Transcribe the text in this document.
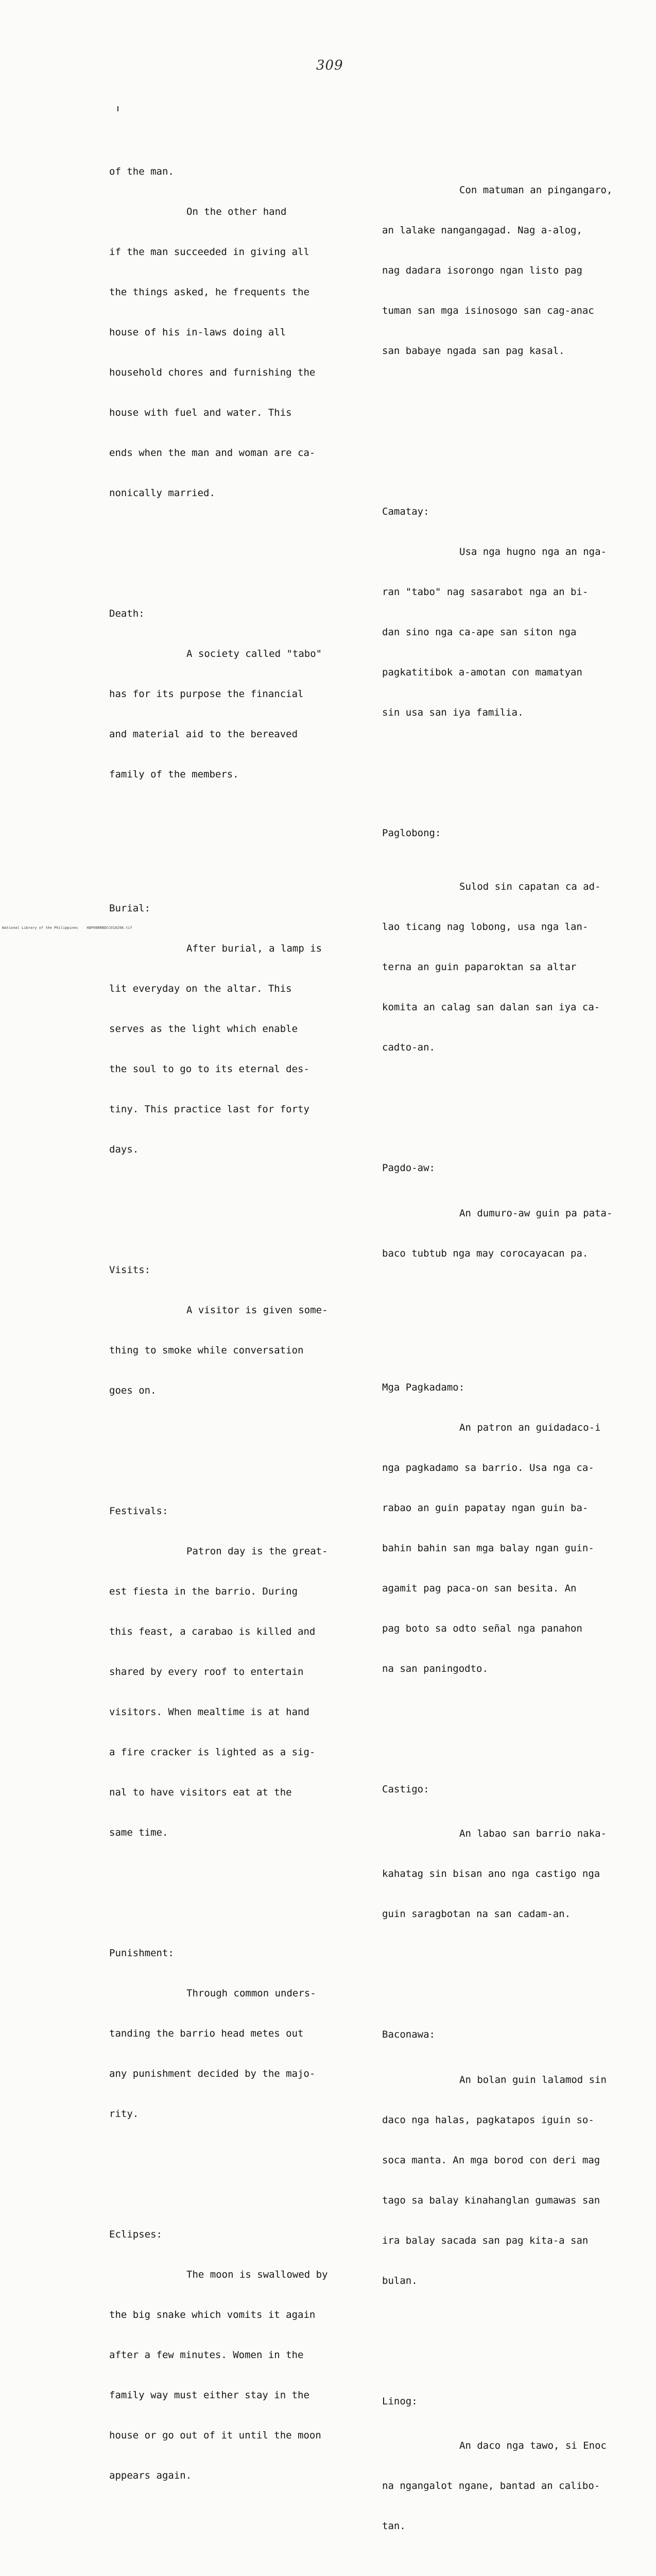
309

of the man.

On the other hand

if the man succeeded in giving all

the things asked, he frequents the

house of his in-laws doing all

household chores and furnishing the

house with fuel and water. This

ends when the man and woman are ca-

nonically married.

Death:

A society called "tabo"

has for its purpose the financial

and material aid to the bereaved

family of the members.

Burial:

After burial, a lamp is

lit everyday on the altar. This

serves as the light which enable

the soul to go to its eternal des-

tiny. This practice last for forty

days.

Visits:

A visitor is given some-

thing to smoke while conversation

goes on.

Festivals:

Patron day is the great-

est fiesta in the barrio. During

this feast, a carabao is killed and

shared by every roof to entertain

visitors. When mealtime is at hand

a fire cracker is lighted as a sig-

nal to have visitors eat at the

same time.

Punishment:

Through common unders-

tanding the barrio head metes out

any punishment decided by the majo-

rity.

Eclipses:

The moon is swallowed by

the big snake which vomits it again

after a few minutes. Women in the

family way must either stay in the

house or go out of it until the moon

appears again.

Con matuman an pingangaro,

an lalake nangangagad. Nag a-alog,

nag dadara isorongo ngan listo pag

tuman san mga isinosogo san cag-anac

san babaye ngada san pag kasal.

Camatay:

Usa nga hugno nga an nga-

ran "tabo" nag sasarabot nga an bi-

dan sino nga ca-ape san siton nga

pagkatitibok a-amotan con mamatyan

sin usa san iya familia.

Paglobong:

Sulod sin capatan ca ad-

lao ticang nag lobong, usa nga lan-

terna an guin paparoktan sa altar

komita an calag san dalan san iya ca-

cadto-an.

Pagdo-aw:

An dumuro-aw guin pa pata-

baco tubtub nga may corocayacan pa.

Mga Pagkadamo:

An patron an guidadaco-i

nga pagkadamo sa barrio. Usa nga ca-

rabao an guin papatay ngan guin ba-

bahin bahin san mga balay ngan guin-

agamit pag paca-on san besita. An

pag boto sa odto señal nga panahon

na san paningodto.

Castigo:

An labao san barrio naka-

kahatag sin bisan ano nga castigo nga

guin saragbotan na san cadam-an.

Baconawa:

An bolan guin lalamod sin

daco nga halas, pagkatapos iguin so-

soca manta. An mga borod con deri mag

tago sa balay kinahanglan gumawas san

ira balay sacada san pag kita-a san

bulan.

Linog:

An daco nga tawo, si Enoc

na ngangalot ngane, bantad an calibo-

tan.

National Library of the Philippines    HDP00NRBDCC010298.tif
